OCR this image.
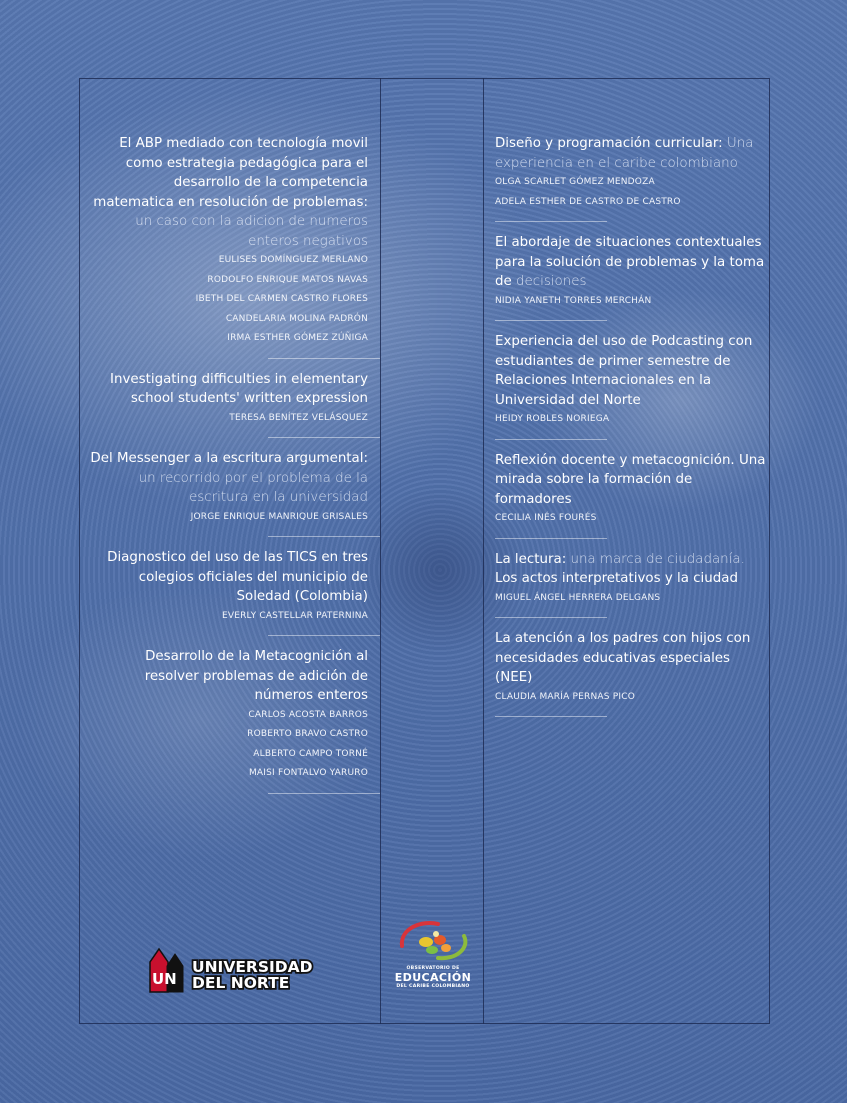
El ABP mediado con tecnología movil como estrategia pedagógica para el desarrollo de la competencia matematica en resolución de problemas: un caso con la adicion de numeros enteros negativos
EULISES DOMÍNGUEZ MERLANO
RODOLFO ENRIQUE MATOS NAVAS
IBETH DEL CARMEN CASTRO FLORES
CANDELARIA MOLINA PADRÓN
IRMA ESTHER GÓMEZ ZÚÑIGA
Investigating difficulties in elementary school students' written expression
TERESA BENÍTEZ VELÁSQUEZ
Del Messenger a la escritura argumental: un recorrido por el problema de la escritura en la universidad
JORGE ENRIQUE MANRIQUE GRISALES
Diagnostico del uso de las TICS en tres colegios oficiales del municipio de Soledad (Colombia)
EVERLY CASTELLAR PATERNINA
Desarrollo de la Metacognición al resolver problemas de adición de números enteros
CARLOS ACOSTA BARROS
ROBERTO BRAVO CASTRO
ALBERTO CAMPO TORNÉ
MAISI FONTALVO YARURO
Diseño y programación curricular: Una experiencia en el caribe colombiano
OLGA SCARLET GÓMEZ MENDOZA
ADELA ESTHER DE CASTRO DE CASTRO
El abordaje de situaciones contextuales para la solución de problemas y la toma de decisiones
NIDIA YANETH TORRES MERCHÁN
Experiencia del uso de Podcasting con estudiantes de primer semestre de Relaciones Internacionales en la Universidad del Norte
HEIDY ROBLES NORIEGA
Reflexión docente y metacognición. Una mirada sobre la formación de formadores
CECILIA INÉS FOURÉS
La lectura: una marca de ciudadanía. Los actos interpretativos y la ciudad
MIGUEL ÁNGEL HERRERA DELGANS
La atención a los padres con hijos con necesidades educativas especiales (NEE)
CLAUDIA MARÍA PERNAS PICO
UN
UNIVERSIDAD
DEL NORTE
OBSERVATORIO DE
EDUCACIÓN
DEL CARIBE COLOMBIANO
